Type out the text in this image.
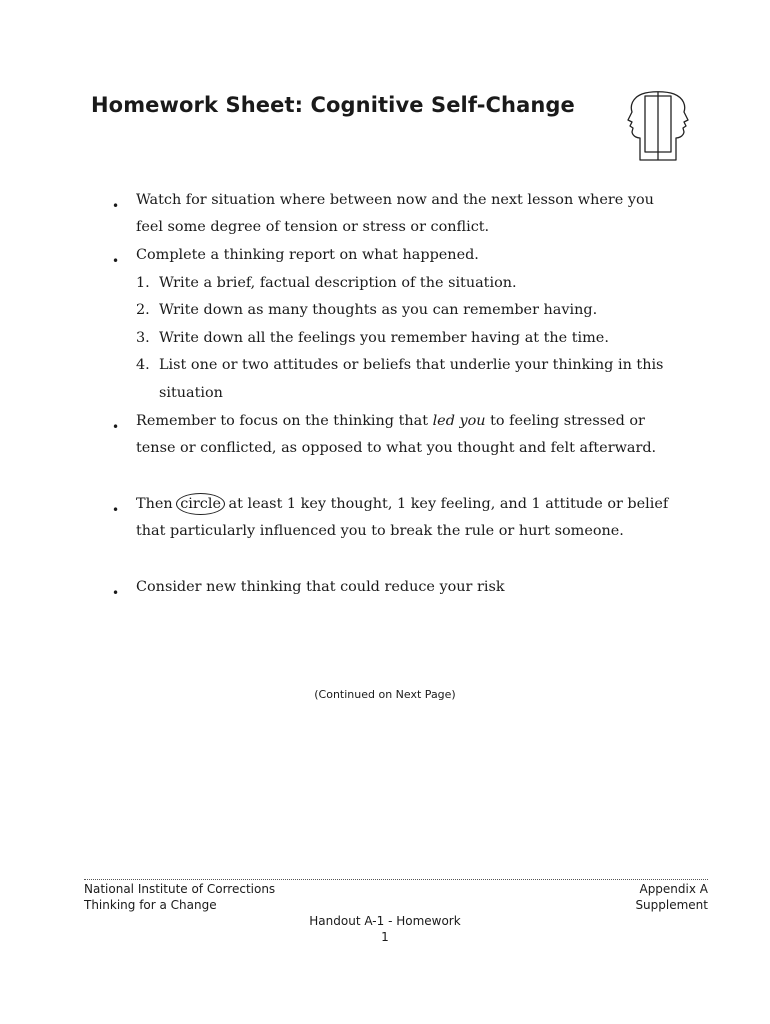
Homework Sheet: Cognitive Self-Change
• Watch for situation where between now and the next lesson where you
feel some degree of tension or stress or conflict.
• Complete a thinking report on what happened.
1. Write a brief, factual description of the situation.
2. Write down as many thoughts as you can remember having.
3. Write down all the feelings you remember having at the time.
4. List one or two attitudes or beliefs that underlie your thinking in this
situation
• Remember to focus on the thinking that led you to feeling stressed or
tense or conflicted, as opposed to what you thought and felt afterward.
• Then circle at least 1 key thought, 1 key feeling, and 1 attitude or belief
that particularly influenced you to break the rule or hurt someone.
• Consider new thinking that could reduce your risk
(Continued on Next Page)
National Institute of Corrections
Thinking for a Change
Appendix A
Supplement
Handout A-1 - Homework
1
